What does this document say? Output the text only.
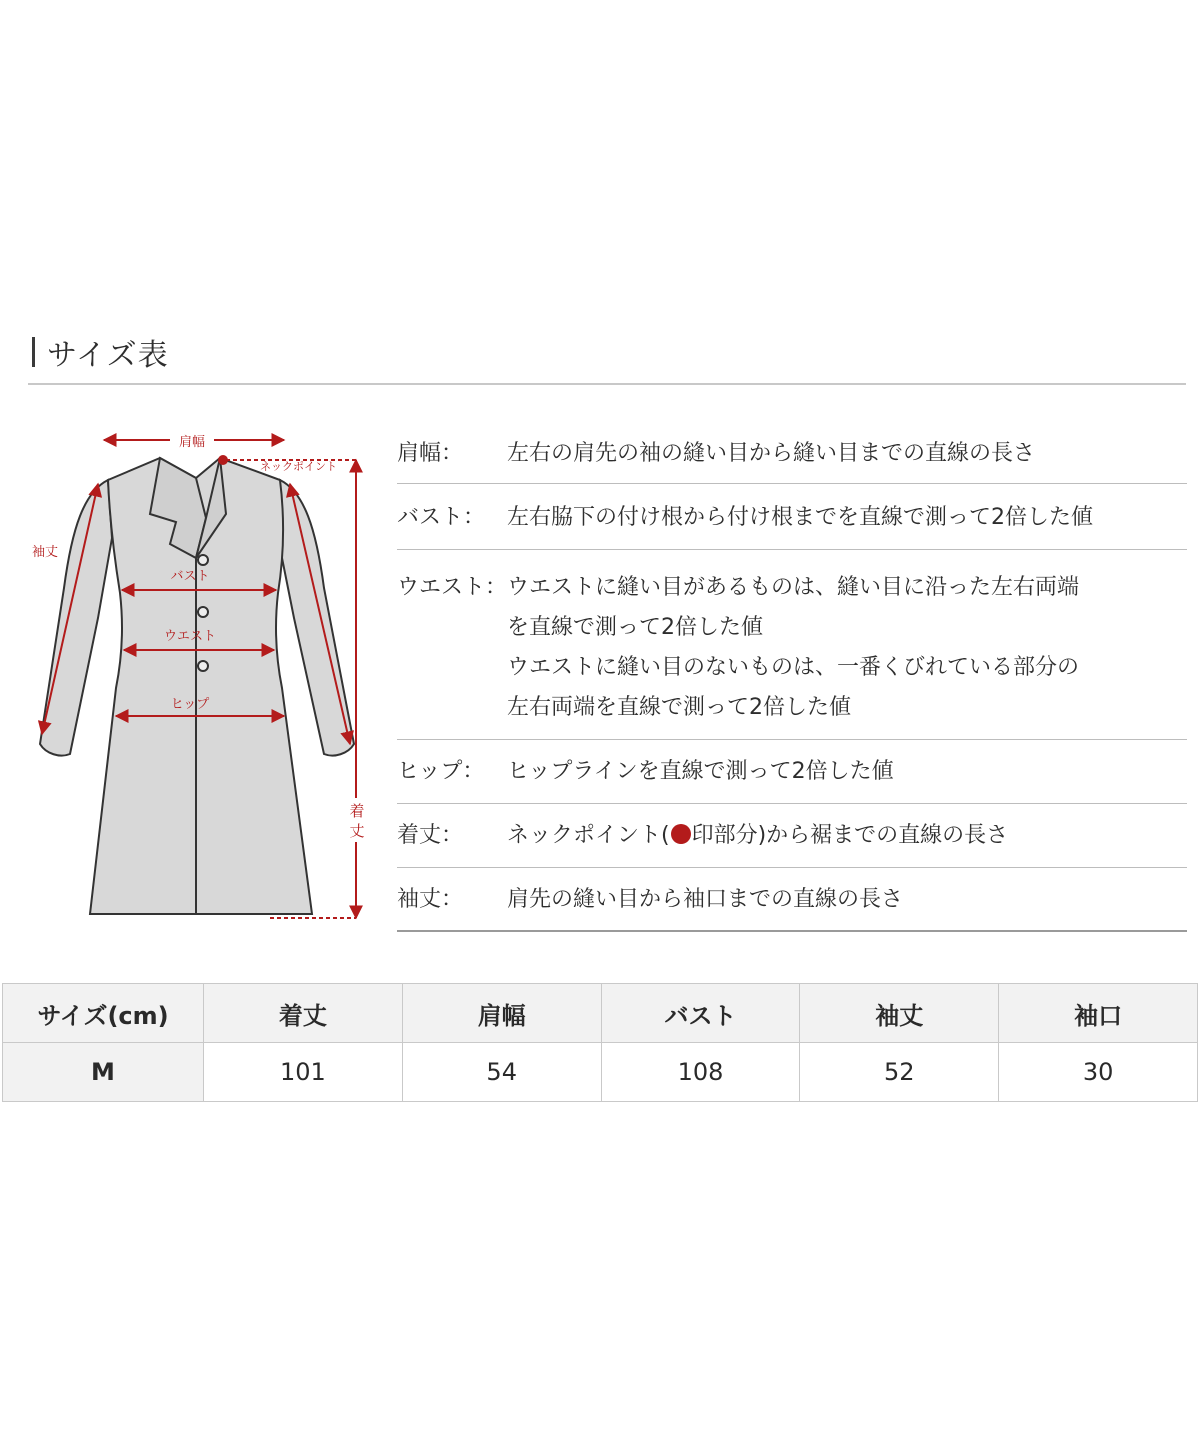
サイズ表
肩幅
ネックポイント
袖丈
バスト
ウエスト
ヒップ
着
丈
肩幅：	左右の肩先の袖の縫い目から縫い目までの直線の長さ
バスト： 左右脇下の付け根から付け根までを直線で測って2倍した値
ウエスト： ウエストに縫い目があるものは、縫い目に沿った左右両端
を直線で測って2倍した値
ウエストに縫い目のないものは、一番くびれている部分の
左右両端を直線で測って2倍した値
ヒップ：	ヒップラインを直線で測って2倍した値
着丈：	ネックポイント( 印部分)から裾までの直線の長さ
袖丈：	肩先の縫い目から袖口までの直線の長さ
サイズ(cm)	着丈	肩幅	バスト	袖丈	袖口
M	101	54	108	52	30
